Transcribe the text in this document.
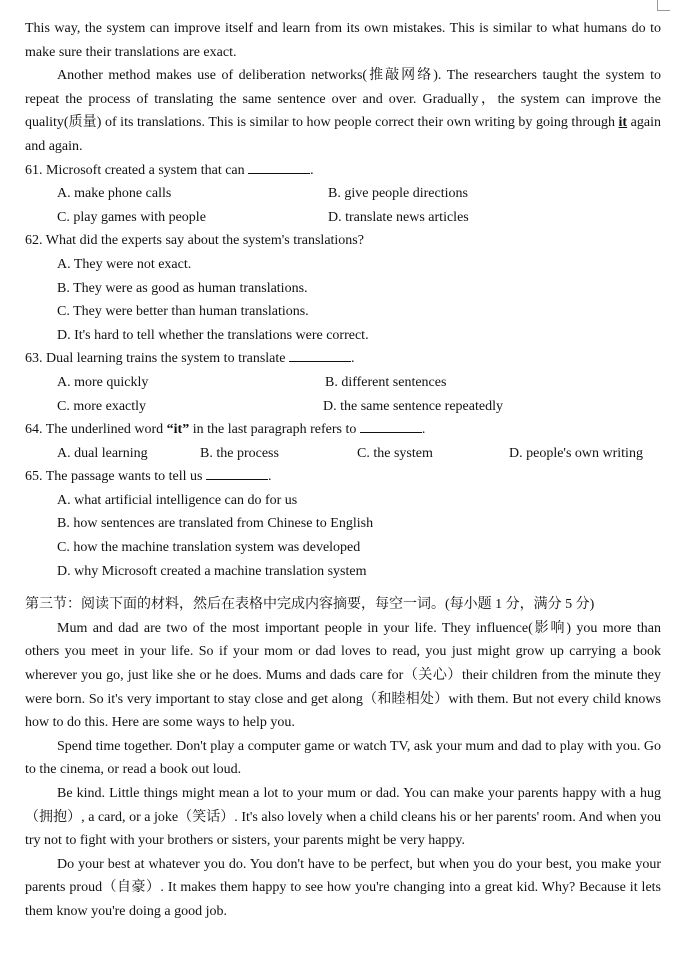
This way, the system can improve itself and learn from its own mistakes. This is similar to what humans do to make sure their translations are exact.

Another method makes use of deliberation networks(推敲网络). The researchers taught the system to repeat the process of translating the same sentence over and over. Gradually，the system can improve the quality(质量) of its translations. This is similar to how people correct their own writing by going through it again and again.

61. Microsoft created a system that can	.

A. make phone calls	B. give people directions

C. play games with people	D. translate news articles

62. What did the experts say about the system's translations?

A. They were not exact.

B. They were as good as human translations.

C. They were better than human translations.

D. It's hard to tell whether the translations were correct.

63. Dual learning trains the system to translate	.

A. more quickly	B. different sentences

C. more exactly	D. the same sentence repeatedly

64. The underlined word “it” in the last paragraph refers to	.

A. dual learning	B. the process	C. the system	D. people's own writing

65. The passage wants to tell us	.

A. what artificial intelligence can do for us

B. how sentences are translated from Chinese to English

C. how the machine translation system was developed

D. why Microsoft created a machine translation system

第三节：阅读下面的材料，然后在表格中完成内容摘要，每空一词。(每小题 1 分，满分 5 分)

Mum and dad are two of the most important people in your life. They influence(影响) you more than others you meet in your life. So if your mom or dad loves to read, you just might grow up carrying a book wherever you go, just like she or he does. Mums and dads care for（关心）their children from the minute they were born. So it's very important to stay close and get along（和睦相处）with them. But not every child knows how to do this. Here are some ways to help you.

Spend time together. Don't play a computer game or watch TV, ask your mum and dad to play with you. Go to the cinema, or read a book out loud.

Be kind. Little things might mean a lot to your mum or dad. You can make your parents happy with a hug（拥抱）, a card, or a joke（笑话）. It's also lovely when a child cleans his or her parents' room. And when you try not to fight with your brothers or sisters, your parents might be very happy.

Do your best at whatever you do. You don't have to be perfect, but when you do your best, you make your parents proud（自豪）. It makes them happy to see how you're changing into a great kid. Why? Because it lets them know you're doing a good job.
